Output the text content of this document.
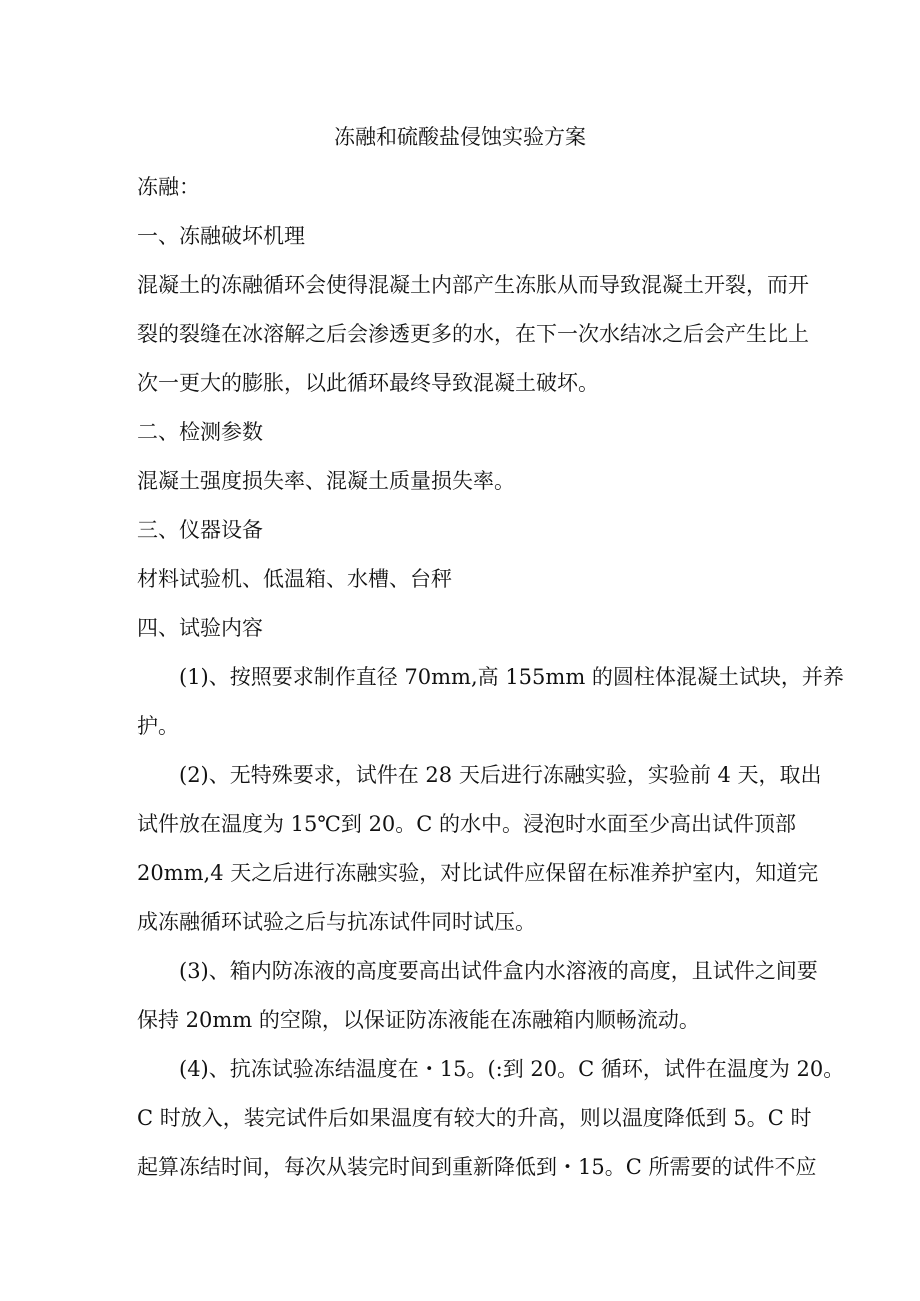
冻融和硫酸盐侵蚀实验方案

冻融：

一、冻融破坏机理

混凝土的冻融循环会使得混凝土内部产生冻胀从而导致混凝土开裂，而开

裂的裂缝在冰溶解之后会渗透更多的水，在下一次水结冰之后会产生比上

次一更大的膨胀，以此循环最终导致混凝土破坏。

二、检测参数

混凝土强度损失率、混凝土质量损失率。

三、仪器设备

材料试验机、低温箱、水槽、台秤

四、试验内容

(1)、按照要求制作直径 70mm,高 155mm 的圆柱体混凝土试块，并养

护。

(2)、无特殊要求，试件在 28 天后进行冻融实验，实验前 4 天，取出

试件放在温度为 15℃到 20。C 的水中。浸泡时水面至少高出试件顶部

20mm,4 天之后进行冻融实验，对比试件应保留在标准养护室内，知道完

成冻融循环试验之后与抗冻试件同时试压。

(3)、箱内防冻液的高度要高出试件盒内水溶液的高度，且试件之间要

保持 20mm 的空隙，以保证防冻液能在冻融箱内顺畅流动。

(4)、抗冻试验冻结温度在・15。(:到 20。C 循环，试件在温度为 20。

C 时放入，装完试件后如果温度有较大的升高，则以温度降低到 5。C 时

起算冻结时间，每次从装完时间到重新降低到・15。C 所需要的试件不应
